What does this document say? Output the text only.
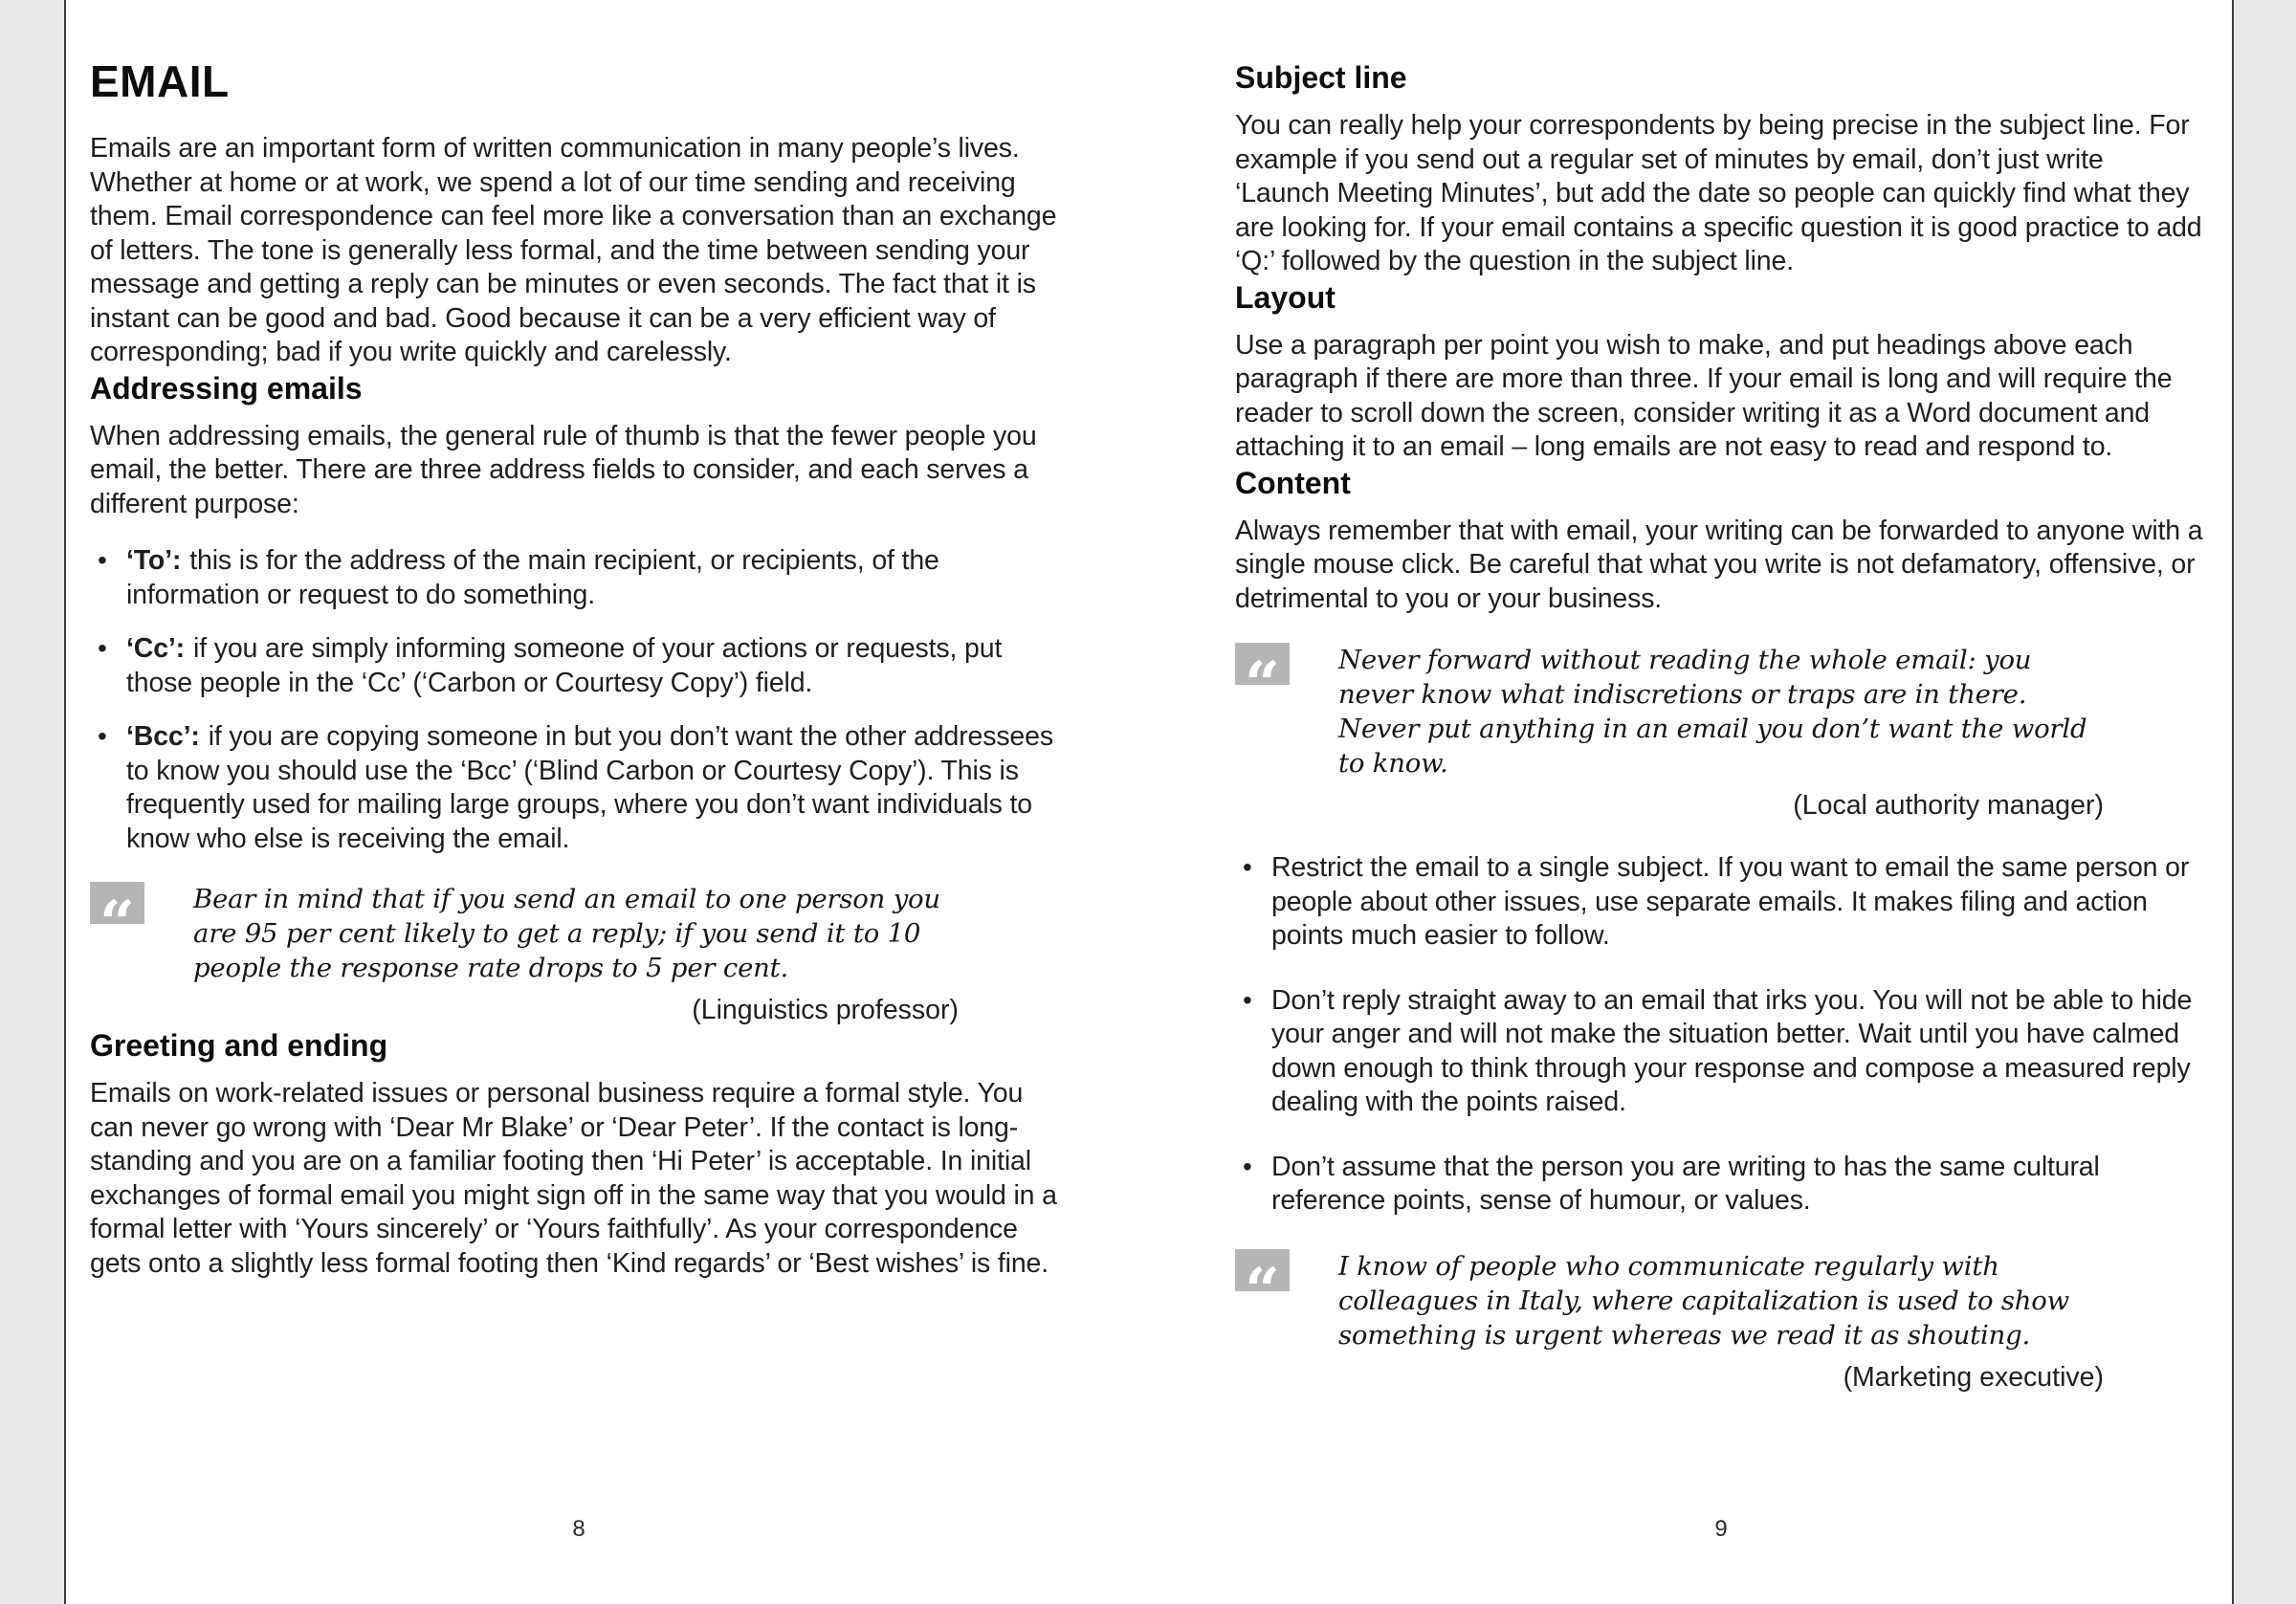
EMAIL

Emails are an important form of written communication in many people’s lives. Whether at home or at work, we spend a lot of our time sending and receiving them. Email correspondence can feel more like a conversation than an exchange of letters. The tone is generally less formal, and the time between sending your message and getting a reply can be minutes or even seconds. The fact that it is instant can be good and bad. Good because it can be a very efficient way of corresponding; bad if you write quickly and carelessly.

Addressing emails

When addressing emails, the general rule of thumb is that the fewer people you email, the better. There are three address fields to consider, and each serves a different purpose:

• ‘To’: this is for the address of the main recipient, or recipients, of the information or request to do something.
• ‘Cc’: if you are simply informing someone of your actions or requests, put those people in the ‘Cc’ (‘Carbon or Courtesy Copy’) field.
• ‘Bcc’: if you are copying someone in but you don’t want the other addressees to know you should use the ‘Bcc’ (‘Blind Carbon or Courtesy Copy’). This is frequently used for mailing large groups, where you don’t want individuals to know who else is receiving the email.
“	Bear in mind that if you send an email to one person you are 95 per cent likely to get a reply; if you send it to 10 people the response rate drops to 5 per cent.

(Linguistics professor)

Greeting and ending

Emails on work-related issues or personal business require a formal style. You can never go wrong with ‘Dear Mr Blake’ or ‘Dear Peter’. If the contact is long-standing and you are on a familiar footing then ‘Hi Peter’ is acceptable. In initial exchanges of formal email you might sign off in the same way that you would in a formal letter with ‘Yours sincerely’ or ‘Yours faithfully’. As your correspondence gets onto a slightly less formal footing then ‘Kind regards’ or ‘Best wishes’ is fine.

Subject line

You can really help your correspondents by being precise in the subject line. For example if you send out a regular set of minutes by email, don’t just write ‘Launch Meeting Minutes’, but add the date so people can quickly find what they are looking for. If your email contains a specific question it is good practice to add ‘Q:’ followed by the question in the subject line.

Layout

Use a paragraph per point you wish to make, and put headings above each paragraph if there are more than three. If your email is long and will require the reader to scroll down the screen, consider writing it as a Word document and attaching it to an email – long emails are not easy to read and respond to.

Content

Always remember that with email, your writing can be forwarded to anyone with a single mouse click. Be careful that what you write is not defamatory, offensive, or detrimental to you or your business.

“	Never forward without reading the whole email: you never know what indiscretions or traps are in there. Never put anything in an email you don’t want the world to know.

(Local authority manager)

• Restrict the email to a single subject. If you want to email the same person or people about other issues, use separate emails. It makes filing and action points much easier to follow.
• Don’t reply straight away to an email that irks you. You will not be able to hide your anger and will not make the situation better. Wait until you have calmed down enough to think through your response and compose a measured reply dealing with the points raised.
• Don’t assume that the person you are writing to has the same cultural reference points, sense of humour, or values.
“	I know of people who communicate regularly with colleagues in Italy, where capitalization is used to show something is urgent whereas we read it as shouting.

(Marketing executive)

8	9
